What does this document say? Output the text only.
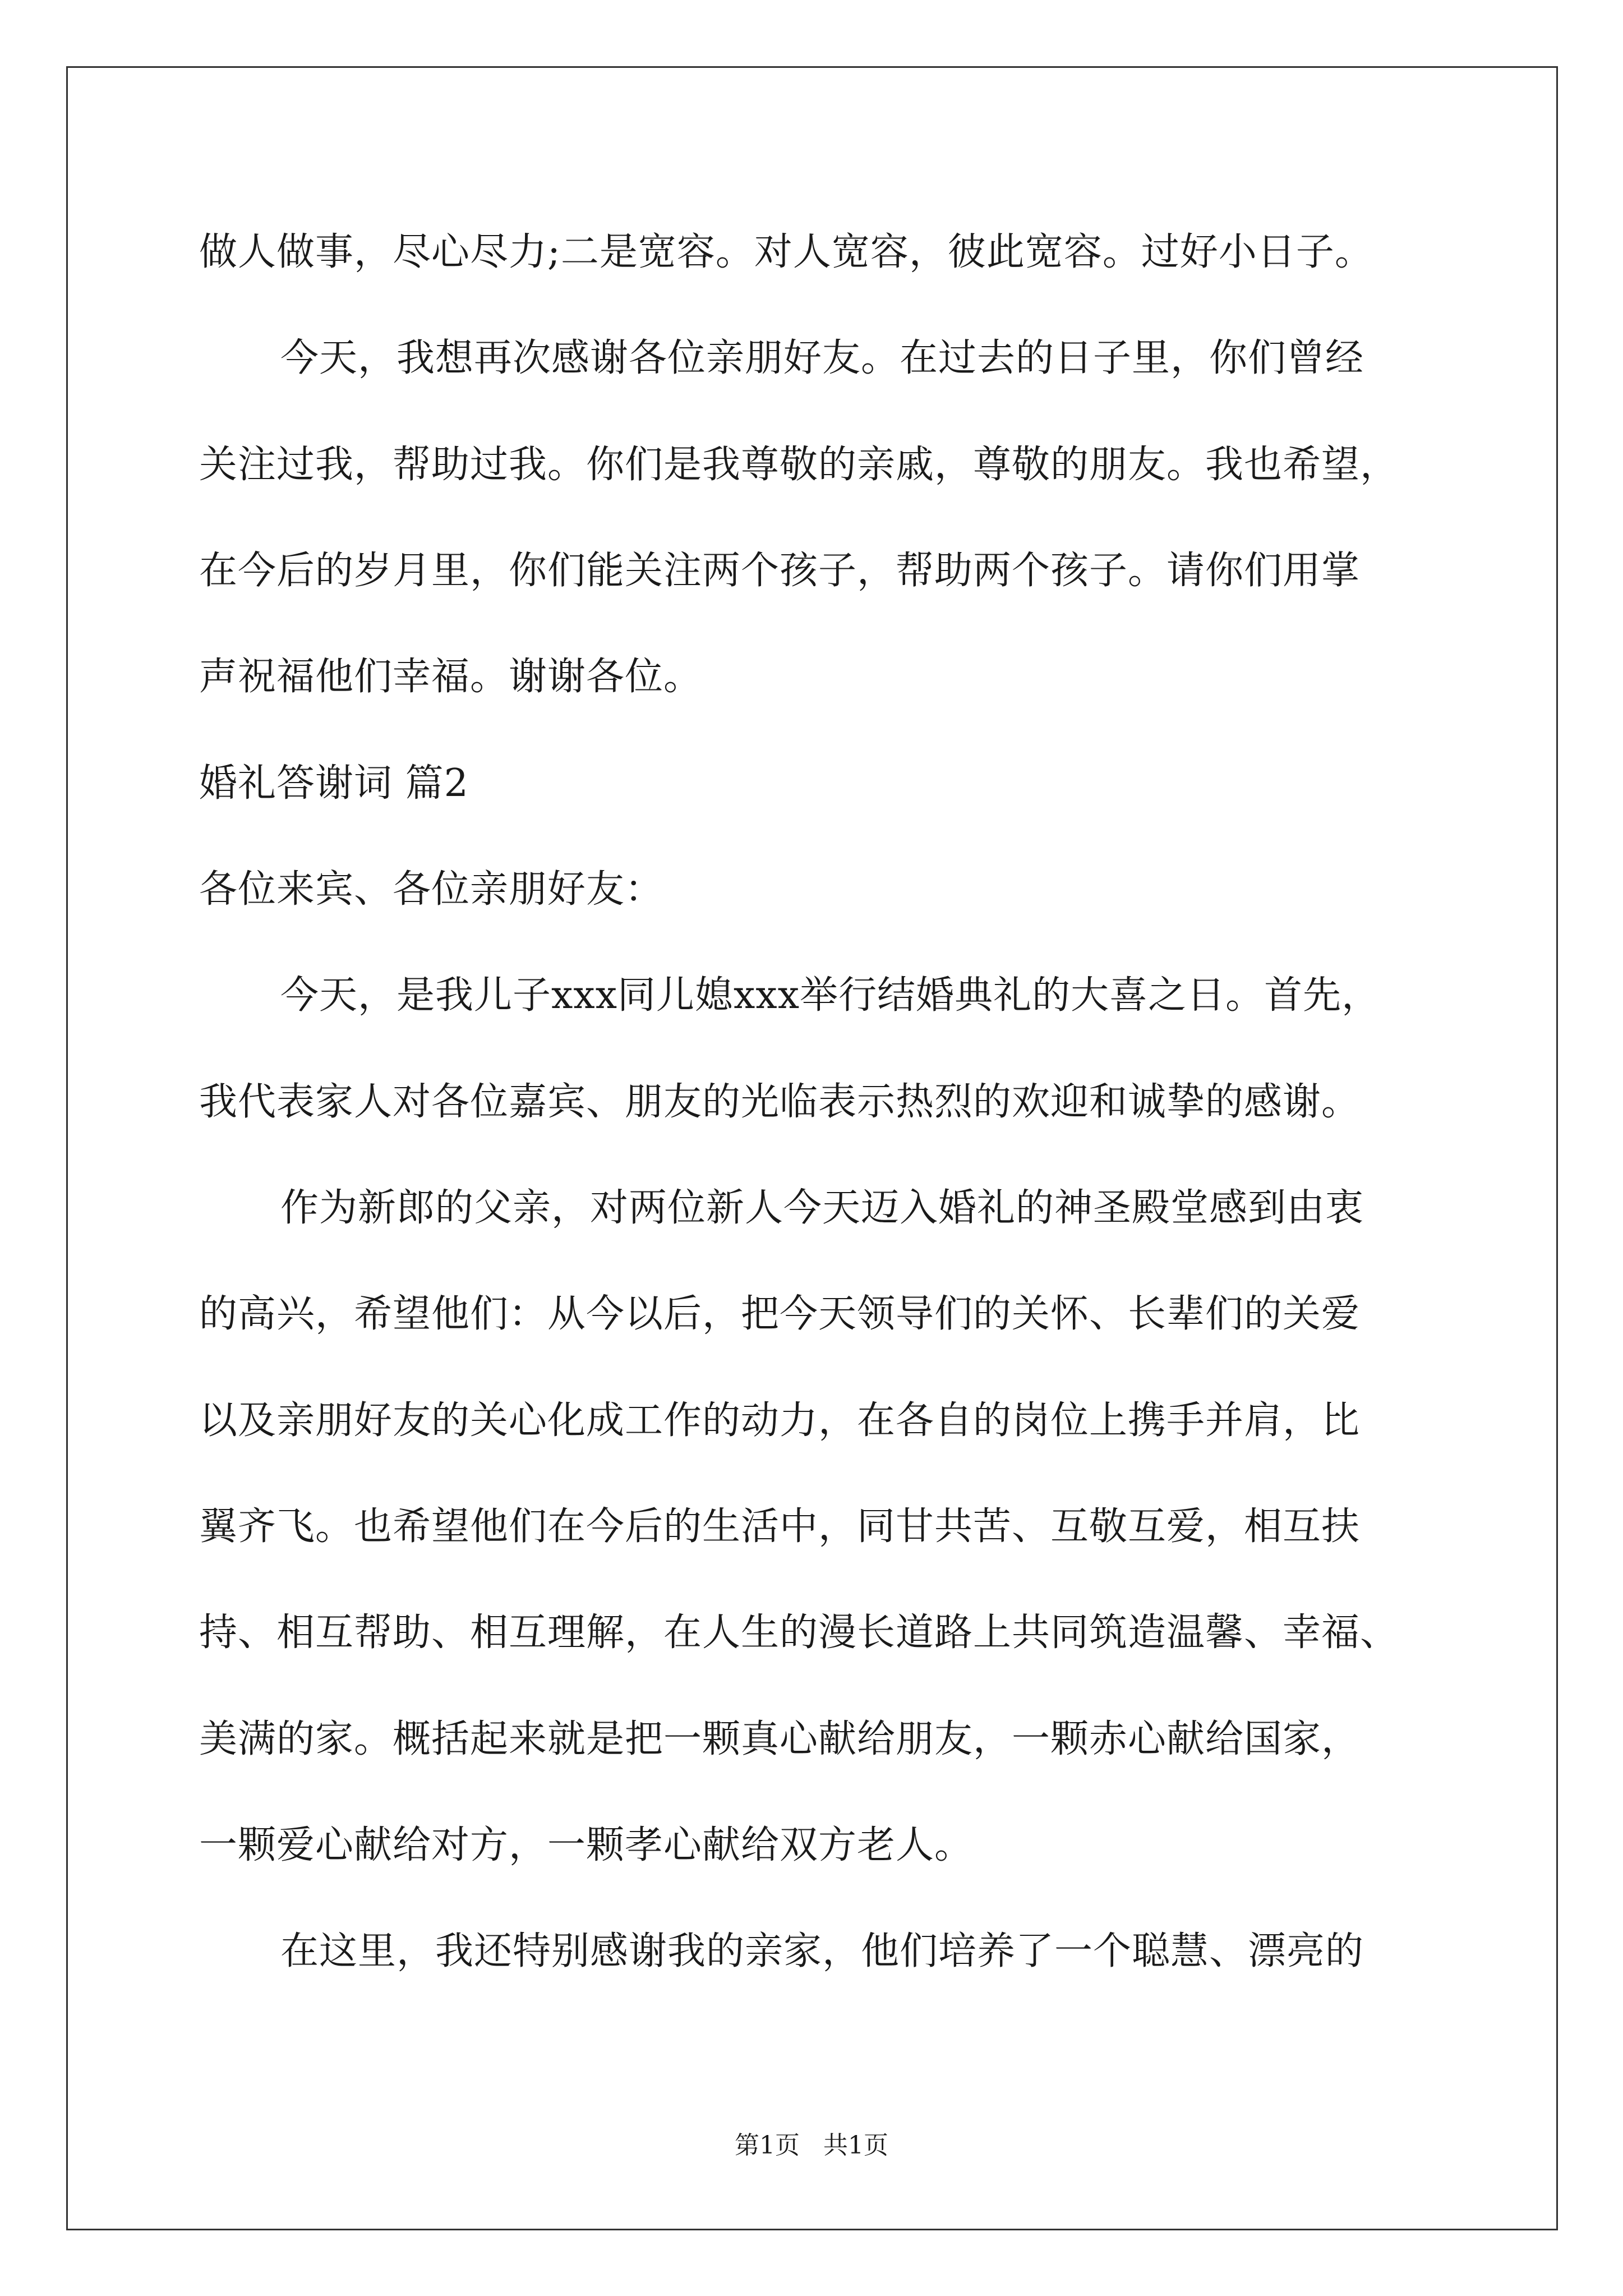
做人做事，尽心尽力;二是宽容。对人宽容，彼此宽容。过好小日子。
今天，我想再次感谢各位亲朋好友。在过去的日子里，你们曾经
关注过我，帮助过我。你们是我尊敬的亲戚，尊敬的朋友。我也希望，
在今后的岁月里，你们能关注两个孩子，帮助两个孩子。请你们用掌
声祝福他们幸福。谢谢各位。
婚礼答谢词 篇2
各位来宾、各位亲朋好友：
今天，是我儿子xxx同儿媳xxx举行结婚典礼的大喜之日。首先，
我代表家人对各位嘉宾、朋友的光临表示热烈的欢迎和诚挚的感谢。
作为新郎的父亲，对两位新人今天迈入婚礼的神圣殿堂感到由衷
的高兴，希望他们：从今以后，把今天领导们的关怀、长辈们的关爱
以及亲朋好友的关心化成工作的动力，在各自的岗位上携手并肩，比
翼齐飞。也希望他们在今后的生活中，同甘共苦、互敬互爱，相互扶
持、相互帮助、相互理解，在人生的漫长道路上共同筑造温馨、幸福、
美满的家。概括起来就是把一颗真心献给朋友，一颗赤心献给国家，
一颗爱心献给对方，一颗孝心献给双方老人。
在这里，我还特别感谢我的亲家，他们培养了一个聪慧、漂亮的
第1页   共1页
